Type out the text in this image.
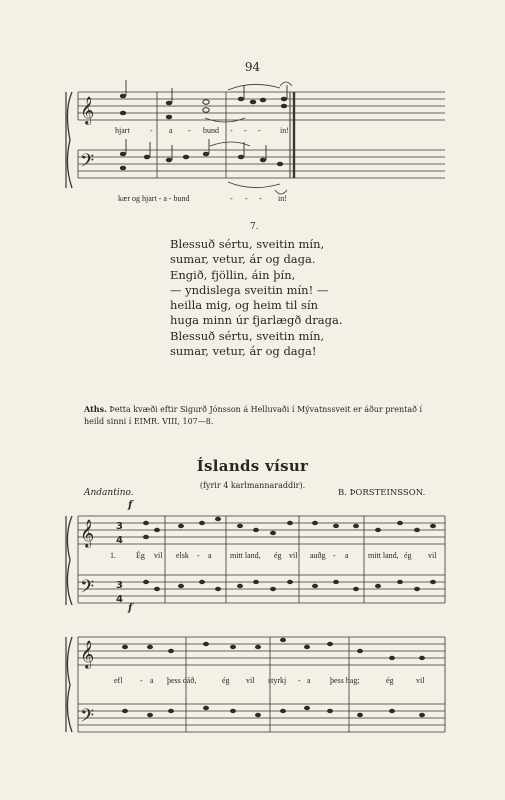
94
𝄞
𝄢
𝄞
𝄢
3
4
3
4
𝄞
𝄢
hjart	- a - bund - - - in!
kær og hjart - a - bund	- - - in!
7.
Blessuð sértu, sveitin mín,
sumar, vetur, ár og daga.
Engið, fjöllin, áin þín,
— yndislega sveitin mín! —
heilla mig, og heim til sín
huga minn úr fjarlægð draga.
Blessuð sértu, sveitin mín,
sumar, vetur, ár og daga!
Aths. Þetta kvæði eftir Sigurð Jónsson á Helluvaði í Mývatnssveit er áður prentað í heild sinni í EIMR. VIII, 107—8.
Íslands vísur
(fyrir 4 karlmannaraddir).
Andantino.	B. ÞORSTEINSSON.
f
f
1.	Ég vil elsk - a mitt land, ég vil auðg - a mitt land, ég vil
efl - a þess dáð,	ég vil styrkj - a þess hag;	ég	vil
